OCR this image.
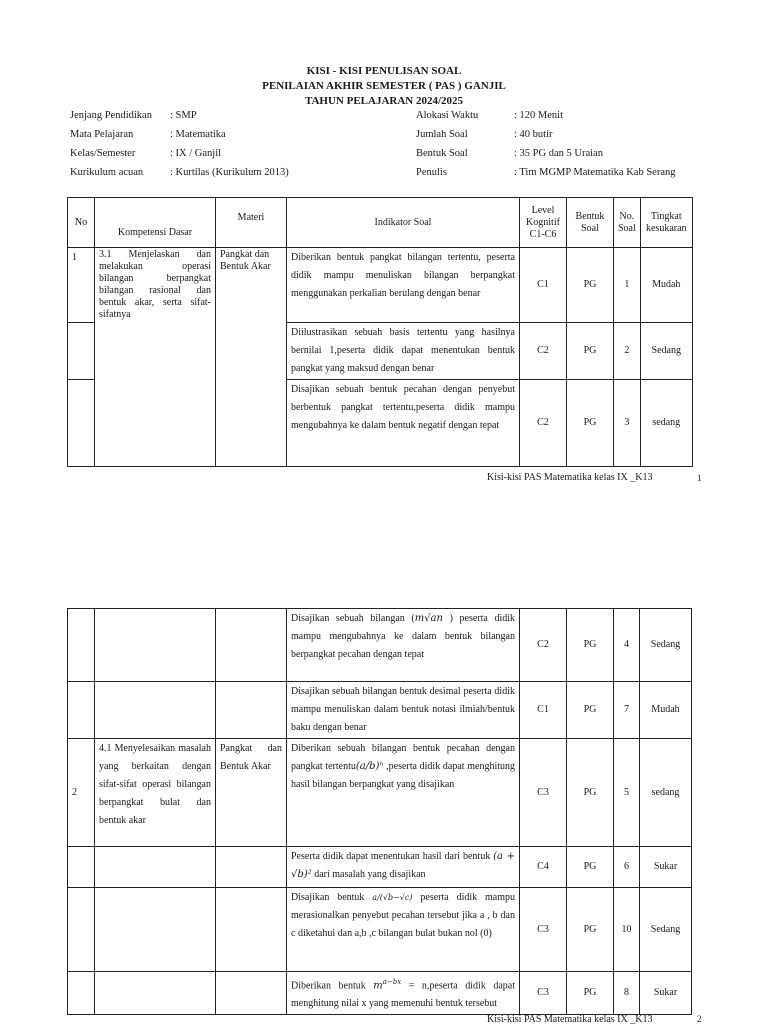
KISI - KISI PENULISAN SOAL
PENILAIAN AKHIR SEMESTER ( PAS ) GANJIL
TAHUN PELAJARAN 2024/2025
Jenjang Pendidikan	: SMP
Mata Pelajaran	: Matematika
Kelas/Semester	: IX / Ganjil
Kurikulum acuan	: Kurtilas (Kurikulum 2013)
Alokasi Waktu	: 120 Menit
Jumlah Soal	: 40 butir
Bentuk Soal	: 35 PG dan 5 Uraian
Penulis	: Tim MGMP Matematika Kab Serang
No	Kompetensi Dasar	Materi	Indikator Soal	Level Kognitif C1-C6	Bentuk Soal	No. Soal	Tingkat kesukaran
1	3.1 Menjelaskan dan melakukan operasi bilangan berpangkat bilangan rasional dan bentuk akar, serta sifat-sifatnya	Pangkat dan Bentuk Akar	Diberikan bentuk pangkat bilangan tertentu, peserta didik mampu menuliskan bilangan berpangkat menggunakan perkalian berulang dengan benar	C1	PG	1	Mudah
			Diilustrasikan sebuah basis tertentu yang hasilnya bernilai 1,peserta didik dapat menentukan bentuk pangkat yang maksud dengan benar	C2	PG	2	Sedang
			Disajikan sebuah bentuk pecahan dengan penyebut berbentuk pangkat tertentu,peserta didik mampu mengubahnya ke dalam bentuk negatif dengan tepat	C2	PG	3	sedang
Kisi-kisi PAS Matematika kelas IX _K13	1
			Disajikan sebuah bilangan (m√an ) peserta didik mampu mengubahnya ke dalam bentuk bilangan berpangkat pecahan dengan tepat	C2	PG	4	Sedang
			Disajikan sebuah bilangan bentuk desimal peserta didik mampu menuliskan dalam bentuk notasi ilmiah/bentuk baku dengan benar	C1	PG	7	Mudah
2	4.1 Menyelesaikan masalah yang berkaitan dengan sifat-sifat operasi bilangan berpangkat bulat dan bentuk akar	Pangkat dan Bentuk Akar	Diberikan sebuah bilangan bentuk pecahan dengan pangkat tertentu(a/b)ⁿ ,peserta didik dapat menghitung hasil bilangan berpangkat yang disajikan	C3	PG	5	sedang
			Peserta didik dapat menentukan hasil dari bentuk (a + √b)² dari masalah yang disajikan	C4	PG	6	Sukar
			Disajikan bentuk a/(√b−√c) peserta didik mampu merasionalkan penyebut pecahan tersebut jika a , b dan c diketahui dan a,b ,c bilangan bulat bukan nol (0)	C3	PG	10	Sedang
			Diberikan bentuk $m^{a-bx}$ = n,peserta didik dapat menghitung nilai x yang memenuhi bentuk tersebut	C3	PG	8	Sukar
Kisi-kisi PAS Matematika kelas IX _K13	2
